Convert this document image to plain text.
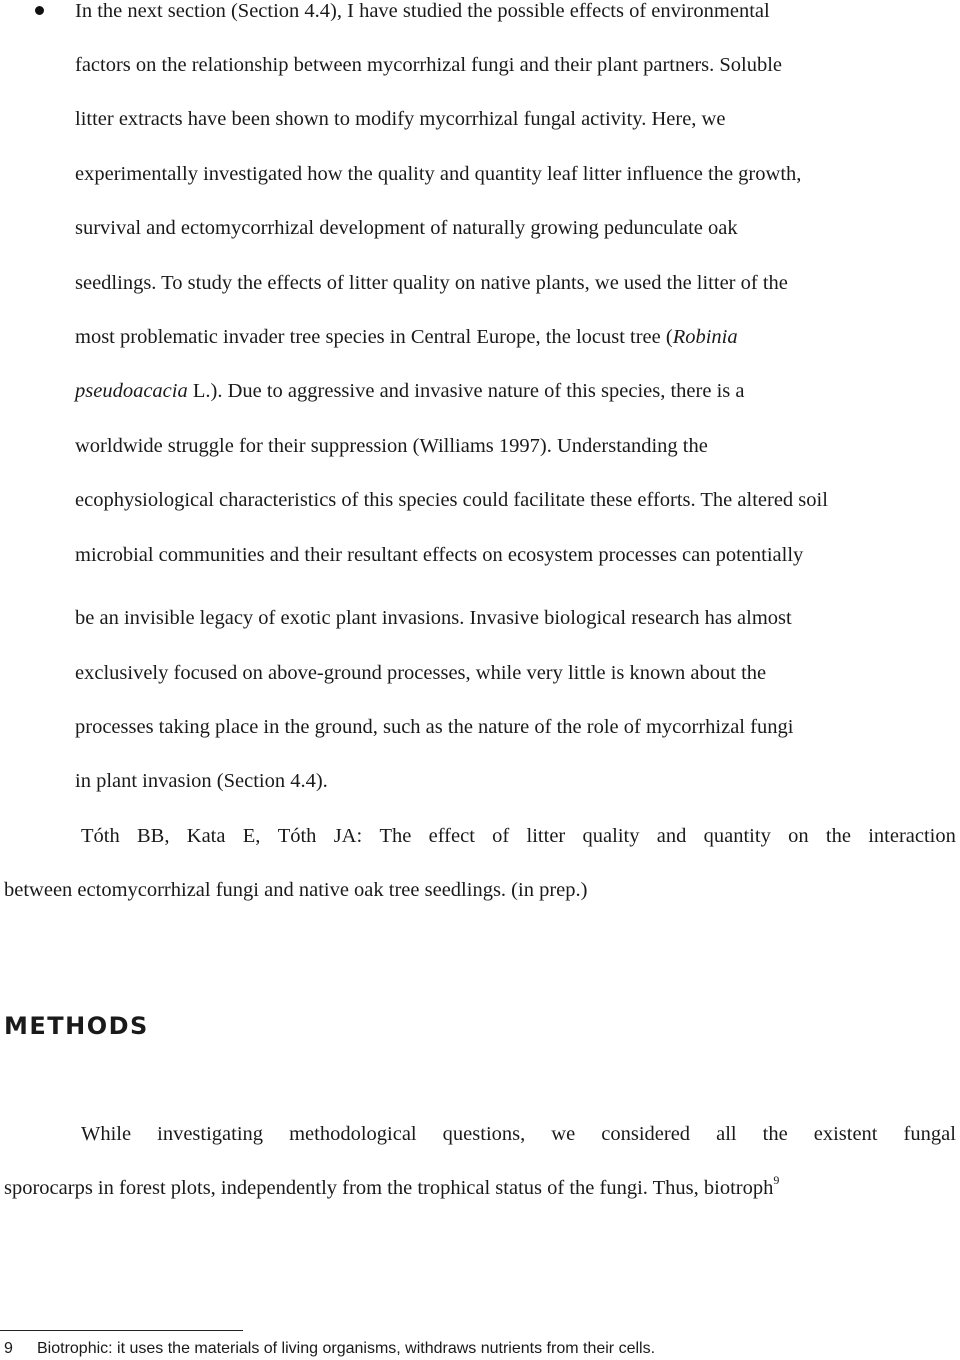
In the next section (Section 4.4), I have studied the possible effects of environmental
factors on the relationship between mycorrhizal fungi and their plant partners. Soluble
litter extracts have been shown to modify mycorrhizal fungal activity. Here, we
experimentally investigated how the quality and quantity leaf litter influence the growth,
survival and ectomycorrhizal development of naturally growing pedunculate oak
seedlings. To study the effects of litter quality on native plants, we used the litter of the
most problematic invader tree species in Central Europe, the locust tree (Robinia
pseudoacacia L.). Due to aggressive and invasive nature of this species, there is a
worldwide struggle for their suppression (Williams 1997). Understanding the
ecophysiological characteristics of this species could facilitate these efforts. The altered soil
microbial communities and their resultant effects on ecosystem processes can potentially
be an invisible legacy of exotic plant invasions. Invasive biological research has almost
exclusively focused on above-ground processes, while very little is known about the
processes taking place in the ground, such as the nature of the role of mycorrhizal fungi
in plant invasion (Section 4.4).
Tóth BB, Kata E, Tóth JA: The effect of litter quality and quantity on the interaction
between ectomycorrhizal fungi and native oak tree seedlings. (in prep.)
METHODS
While investigating methodological questions, we considered all the existent fungal
sporocarps in forest plots, independently from the trophical status of the fungi. Thus, biotroph$^9$
9 Biotrophic: it uses the materials of living organisms, withdraws nutrients from their cells.
